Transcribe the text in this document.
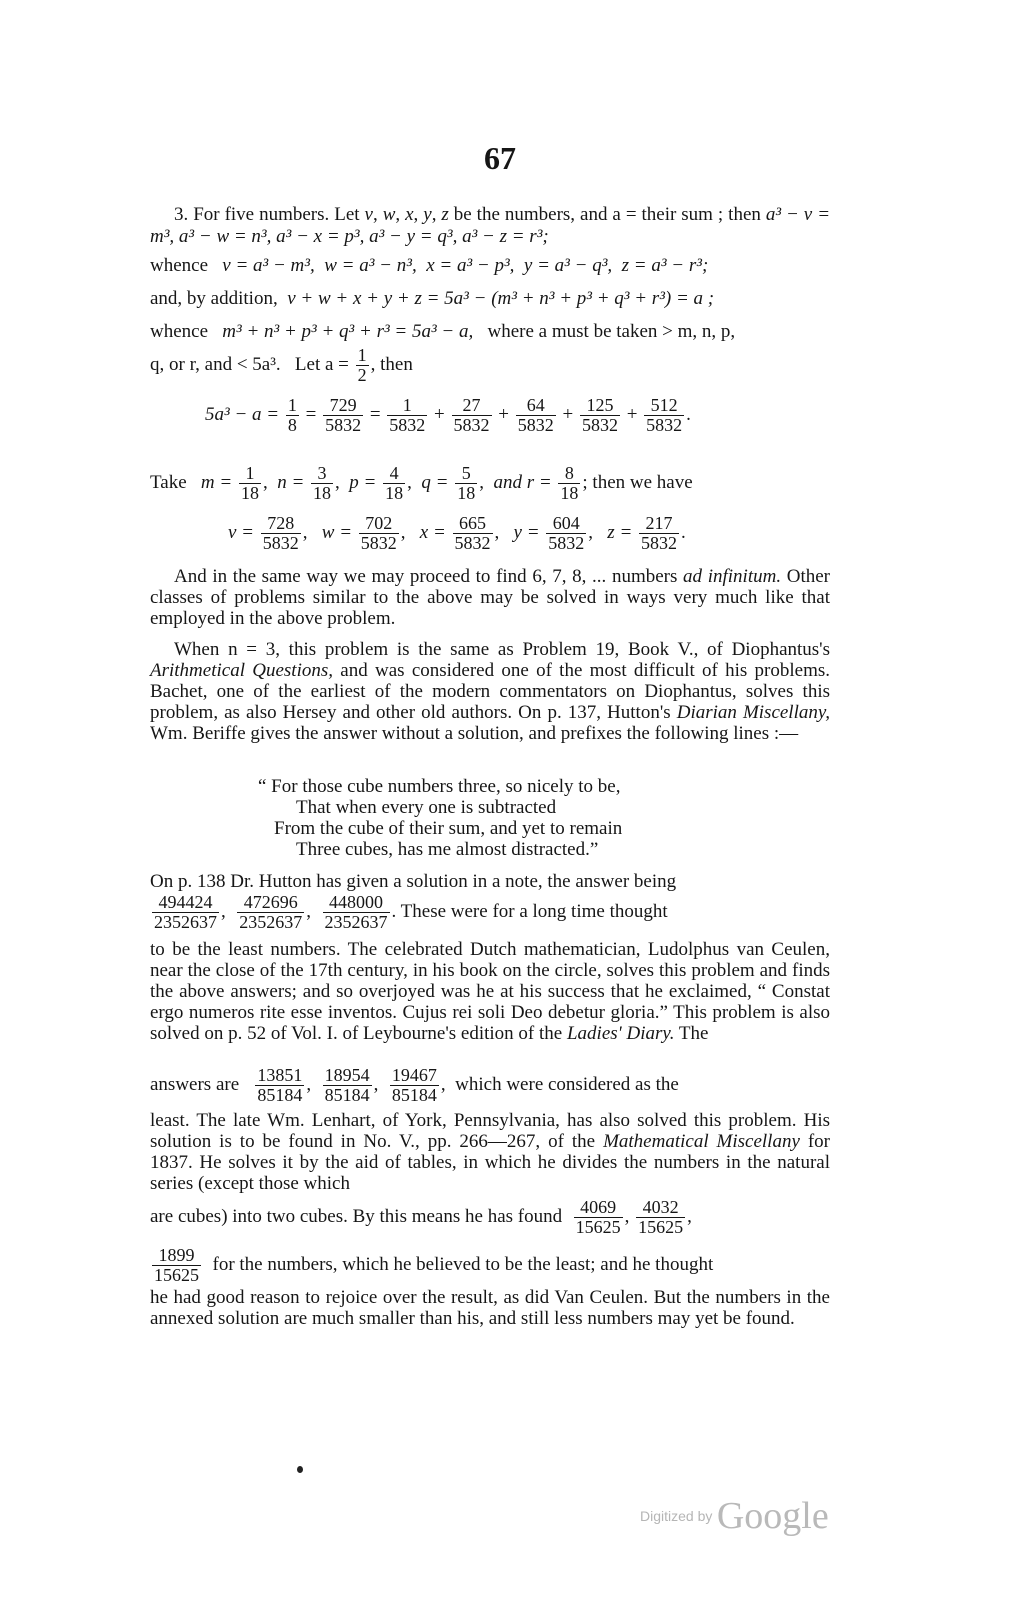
67

3. For five numbers. Let v, w, x, y, z be the numbers, and a = their sum ; then a³ − v = m³, a³ − w = n³, a³ − x = p³, a³ − y = q³, a³ − z = r³;

whence v = a³ − m³, w = a³ − n³, x = a³ − p³, y = a³ − q³, z = a³ − r³;
and, by addition, v + w + x + y + z = 5a³ − (m³ + n³ + p³ + q³ + r³) = a ;
whence m³ + n³ + p³ + q³ + r³ = 5a³ − a, where a must be taken > m, n, p,
q, or r, and < 5a³. Let $a = \frac{1}{2}$ , then
$5a^3 - a = \frac{1}{8} = \frac{729}{5832} = \frac{1}{5832} + \frac{27}{5832} + \frac{64}{5832} + \frac{125}{5832} + \frac{512}{5832}$ .
Take $m = \frac{1}{18}$ ,  $n = \frac{3}{18}$ ,  $p = \frac{4}{18}$ ,  $q = \frac{5}{18}$ ,  and $r = \frac{8}{18}$ ; then we have
$v = \frac{728}{5832}$ ,   $w = \frac{702}{5832}$ ,   $x = \frac{665}{5832}$ ,   $y = \frac{604}{5832}$ ,   $z = \frac{217}{5832}$ .

And in the same way we may proceed to find 6, 7, 8, ... numbers ad infinitum. Other classes of problems similar to the above may be solved in ways very much like that employed in the above problem.

When n = 3, this problem is the same as Problem 19, Book V., of Diophantus's Arithmetical Questions, and was considered one of the most difficult of his problems. Bachet, one of the earliest of the modern commentators on Diophantus, solves this problem, as also Hersey and other old authors. On p. 137, Hutton's Diarian Miscellany, Wm. Beriffe gives the answer without a solution, and prefixes the following lines :—

“ For those cube numbers three, so nicely to be,
That when every one is subtracted
From the cube of their sum, and yet to remain
Three cubes, has me almost distracted.”
On p. 138 Dr. Hutton has given a solution in a note, the answer being
$\frac{494424}{2352637}$ , $\frac{472696}{2352637}$ , $\frac{448000}{2352637}$ . These were for a long time thought

to be the least numbers. The celebrated Dutch mathematician, Ludolphus van Ceulen, near the close of the 17th century, in his book on the circle, solves this problem and finds the above answers; and so overjoyed was he at his success that he exclaimed, “ Constat ergo numeros rite esse inventos. Cujus rei soli Deo debetur gloria.” This problem is also solved on p. 52 of Vol. I. of Leybourne's edition of the Ladies' Diary. The

answers are $\frac{13851}{85184}$ , $\frac{18954}{85184}$ , $\frac{19467}{85184}$ ,  which were considered as the

least. The late Wm. Lenhart, of York, Pennsylvania, has also solved this problem. His solution is to be found in No. V., pp. 266—267, of the Mathematical Miscellany for 1837. He solves it by the aid of tables, in which he divides the numbers in the natural series (except those which

are cubes) into two cubes. By this means he has found $\frac{4069}{15625}$ , $\frac{4032}{15625}$ ,
$\frac{1899}{15625}$ for the numbers, which he believed to be the least; and he thought

he had good reason to rejoice over the result, as did Van Ceulen. But the numbers in the annexed solution are much smaller than his, and still less numbers may yet be found.

Digitized by Google
